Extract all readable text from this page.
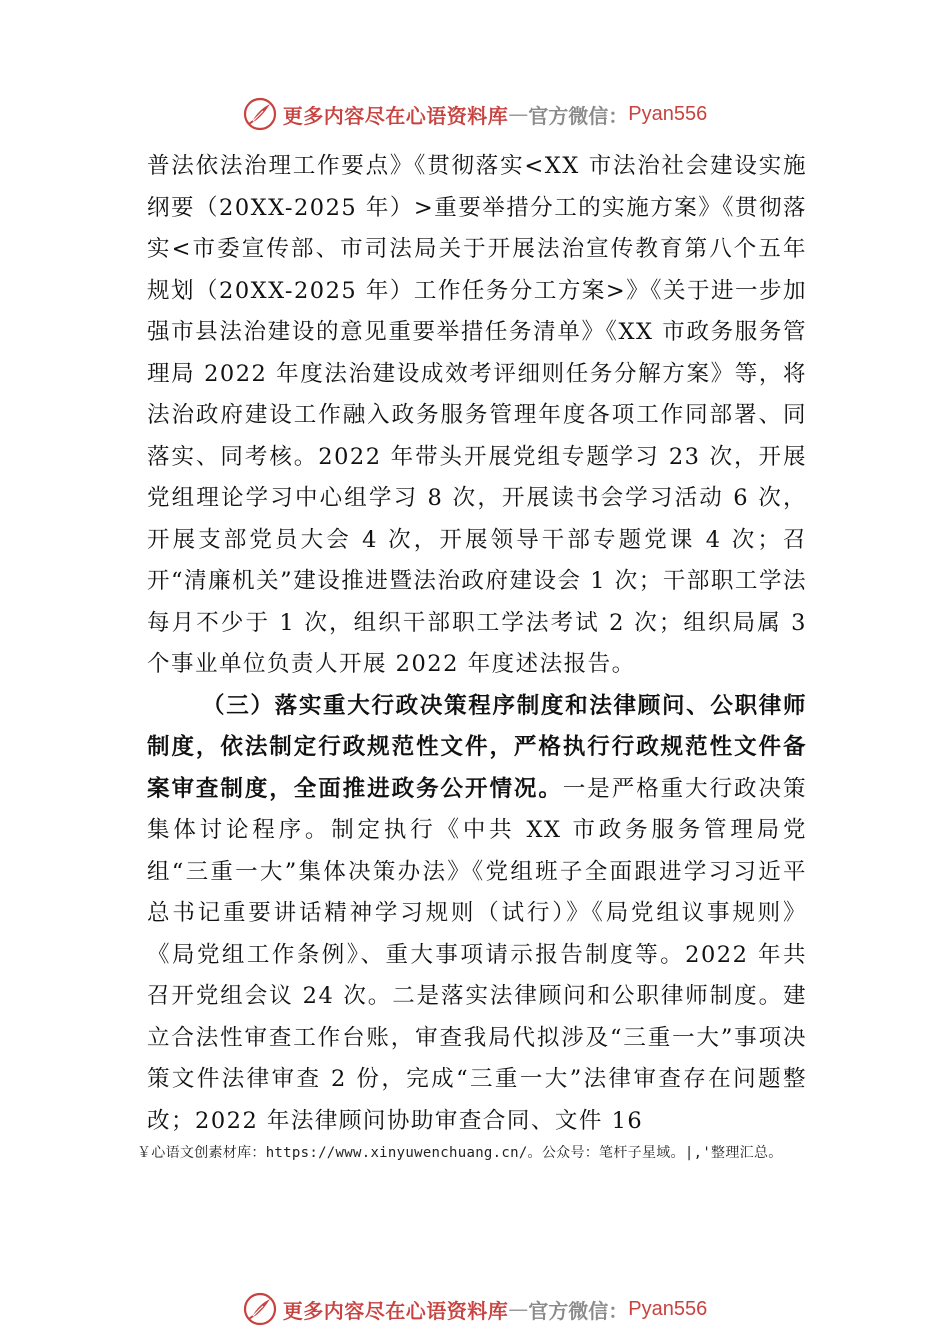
更多内容尽在心语资料库 — 官方微信： Pyan556

普法依法治理工作要点》《贯彻落实<XX 市法治社会建设实施纲要（20XX-2025 年）>重要举措分工的实施方案》《贯彻落实<市委宣传部、市司法局关于开展法治宣传教育第八个五年规划（20XX-2025 年）工作任务分工方案>》《关于进一步加强市县法治建设的意见重要举措任务清单》《XX 市政务服务管理局 2022 年度法治建设成效考评细则任务分解方案》等，将法治政府建设工作融入政务服务管理年度各项工作同部署、同落实、同考核。2022 年带头开展党组专题学习 23 次，开展党组理论学习中心组学习 8 次，开展读书会学习活动 6 次，开展支部党员大会 4 次，开展领导干部专题党课 4 次；召开“清廉机关”建设推进暨法治政府建设会 1 次；干部职工学法每月不少于 1 次，组织干部职工学法考试 2 次；组织局属 3 个事业单位负责人开展 2022 年度述法报告。

（三）落实重大行政决策程序制度和法律顾问、公职律师制度，依法制定行政规范性文件，严格执行行政规范性文件备案审查制度，全面推进政务公开情况。一是严格重大行政决策集体讨论程序。制定执行《中共 XX 市政务服务管理局党组“三重一大”集体决策办法》《党组班子全面跟进学习习近平总书记重要讲话精神学习规则（试行）》《局党组议事规则》《局党组工作条例》、重大事项请示报告制度等。2022 年共召开党组会议 24 次。二是落实法律顾问和公职律师制度。建立合法性审查工作台账，审查我局代拟涉及“三重一大”事项决策文件法律审查 2 份，完成“三重一大”法律审查存在问题整改；2022 年法律顾问协助审查合同、文件 16

￥心语文创素材库：https://www.xinyuwenchuang.cn/。公众号：笔杆子星域。|,'整理汇总。
更多内容尽在心语资料库 — 官方微信： Pyan556
